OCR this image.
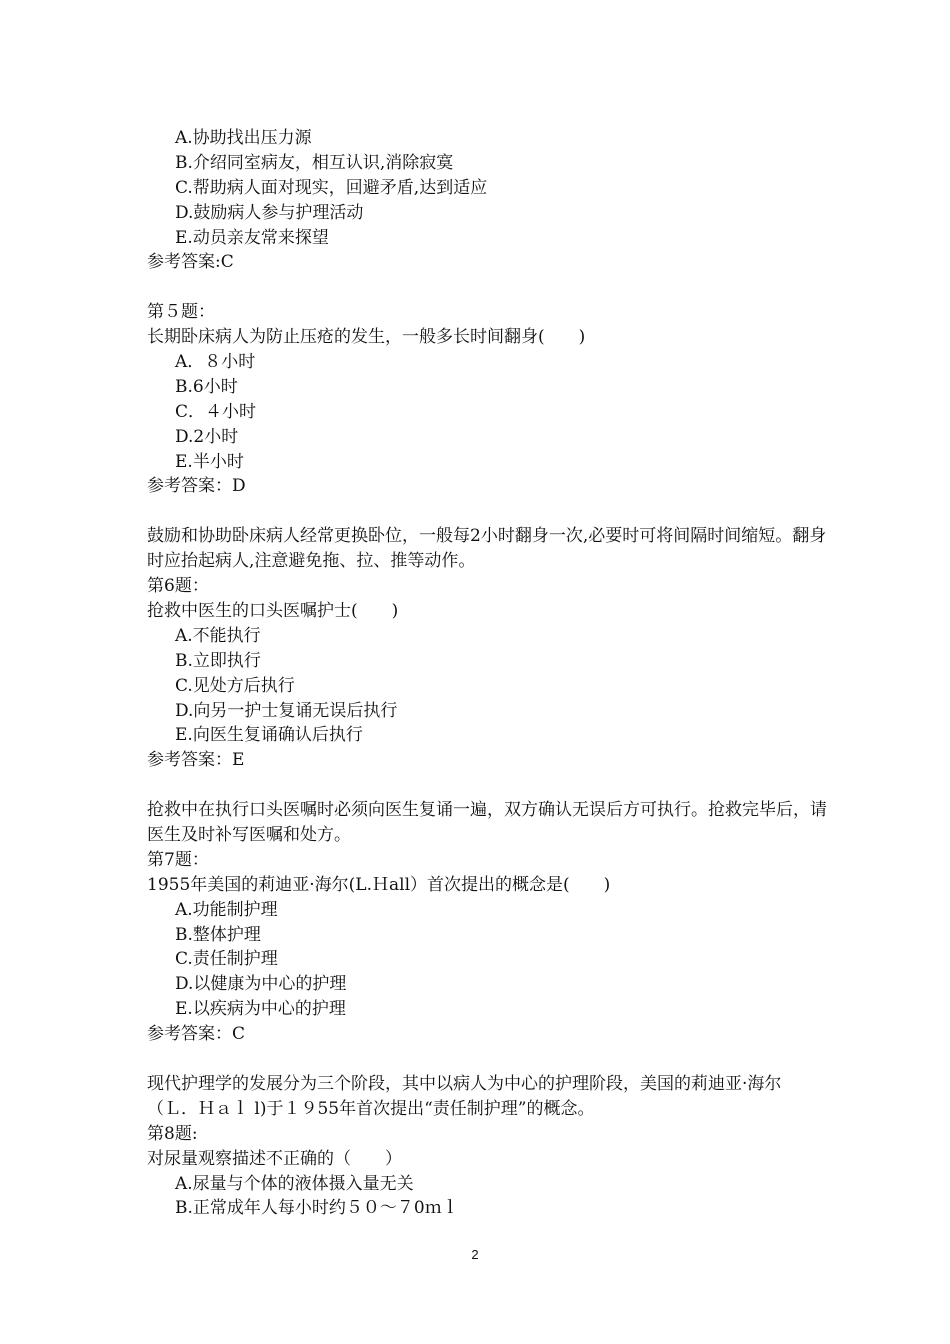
A.协助找出压力源
B.介绍同室病友，相互认识,消除寂寞
C.帮助病人面对现实，回避矛盾,达到适应
D.鼓励病人参与护理活动
E.动员亲友常来探望
参考答案:C
第５题：
长期卧床病人为防止压疮的发生，一般多长时间翻身(　　)
A．８小时
B.6小时
C．４小时
D.2小时
E.半小时
参考答案：D
鼓励和协助卧床病人经常更换卧位，一般每2小时翻身一次,必要时可将间隔时间缩短。翻身时应抬起病人,注意避免拖、拉、推等动作。
第6题：
抢救中医生的口头医嘱护士(　　)
A.不能执行
B.立即执行
C.见处方后执行
D.向另一护士复诵无误后执行
E.向医生复诵确认后执行
参考答案：E
抢救中在执行口头医嘱时必须向医生复诵一遍，双方确认无误后方可执行。抢救完毕后，请医生及时补写医嘱和处方。
第7题：
1955年美国的莉迪亚·海尔(L.Ｈall）首次提出的概念是(　　)
A.功能制护理
B.整体护理
C.责任制护理
D.以健康为中心的护理
E.以疾病为中心的护理
参考答案：C
现代护理学的发展分为三个阶段，其中以病人为中心的护理阶段，美国的莉迪亚·海尔（Ｌ．Ｈａｌ l)于１９55年首次提出“责任制护理”的概念。
第8题:
对尿量观察描述不正确的（　　）
A.尿量与个体的液体摄入量无关
B.正常成年人每小时约５０～７0ｍｌ
2
